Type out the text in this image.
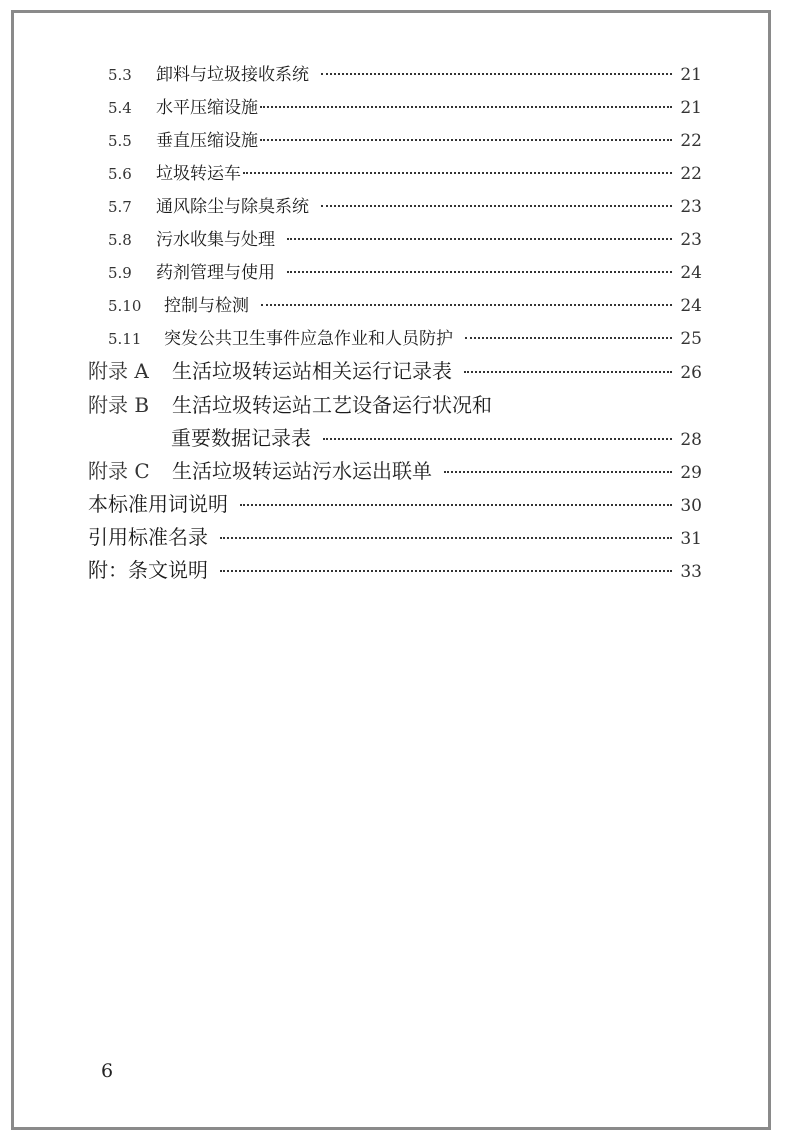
5.3	卸料与垃圾接收系统	21
5.4	水平压缩设施	21
5.5	垂直压缩设施	22
5.6	垃圾转运车	22
5.7	通风除尘与除臭系统	23
5.8	污水收集与处理	23
5.9	药剂管理与使用	24
5.10	控制与检测	24
5.11	突发公共卫生事件应急作业和人员防护	25
附录 A	生活垃圾转运站相关运行记录表	26
附录 B	生活垃圾转运站工艺设备运行状况和
重要数据记录表	28
附录 C	生活垃圾转运站污水运出联单	29
本标准用词说明	30
引用标准名录	31
附：条文说明	33
6
